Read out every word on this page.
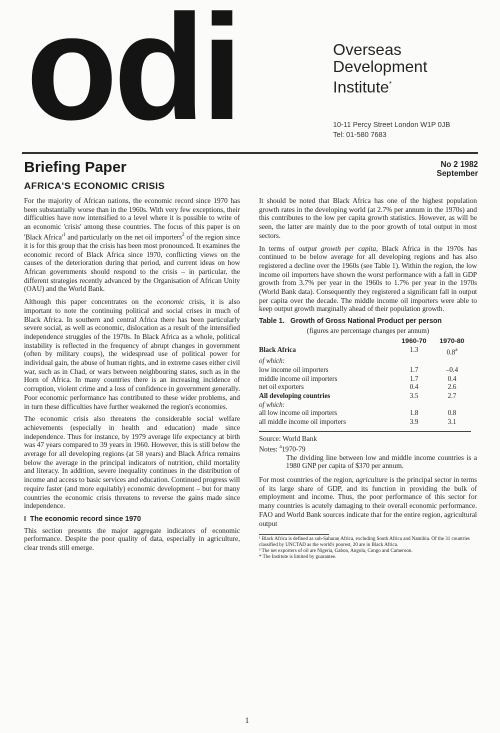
odi	Overseas
Development
Institute*
10-11 Percy Street London W1P 0JB
Tel: 01-580 7683
Briefing Paper	No 2 1982
September
AFRICA'S ECONOMIC CRISIS

For the majority of African nations, the economic record since 1970 has been substantially worse than in the 1960s. With very few exceptions, their difficulties have now intensified to a level where it is possible to write of an economic 'crisis' among these countries. The focus of this paper is on 'Black $Africa'^1$ and particularly on the net oil importers$^2$ of the region since it is for this group that the crisis has been most pronounced. It examines the economic record of Black Africa since 1970, conflicting views on the causes of the deterioration during that period, and current ideas on how African governments should respond to the crisis – in particular, the different strategies recently advanced by the Organisation of African Unity (OAU) and the World Bank.

Although this paper concentrates on the economic crisis, it is also important to note the continuing political and social crises in much of Black Africa. In southern and central Africa there has been particularly severe social, as well as economic, dislocation as a result of the intensified independence struggles of the 1970s. In Black Africa as a whole, political instability is reflected in the frequency of abrupt changes in government (often by military coups), the widespread use of political power for individual gain, the abuse of human rights, and in extreme cases either civil war, such as in Chad, or wars between neighbouring states, such as in the Horn of Africa. In many countries there is an increasing incidence of corruption, violent crime and a loss of confidence in government generally. Poor economic performance has contributed to these wider problems, and in turn these difficulties have further weakened the region's economies.

The economic crisis also threatens the considerable social welfare achievements (especially in health and education) made since independence. Thus for instance, by 1979 average life expectancy at birth was 47 years compared to 39 years in 1960. However, this is still below the average for all developing regions (at 58 years) and Black Africa remains below the average in the principal indicators of nutrition, child mortality and literacy. In addition, severe inequality continues in the distribution of income and access to basic services and education. Continued progress will require faster (and more equitably) economic development – but for many countries the economic crisis threatens to reverse the gains made since independence.

I The economic record since 1970

This section presents the major aggregate indicators of economic performance. Despite the poor quality of data, especially in agriculture, clear trends still emerge.

It should be noted that Black Africa has one of the highest population growth rates in the developing world (at 2.7% per annum in the 1970s) and this contributes to the low per capita growth statistics. However, as will be seen, the latter are mainly due to the poor growth of total output in most sectors.

In terms of output growth per capita, Black Africa in the 1970s has continued to be below average for all developing regions and has also registered a decline over the 1960s (see Table 1). Within the region, the low income oil importers have shown the worst performance with a fall in GDP growth from 3.7% per year in the 1960s to 1.7% per year in the 1970s (World Bank data). Consequently they registered a significant fall in output per capita over the decade. The middle income oil importers were able to keep output growth marginally ahead of their population growth.

Table 1. Growth of Gross National Product per person
(figures are percentage changes per annum)
	1960-70	1970-80
Black Africa	1.3	0.8$^a$
of which:		
low income oil importers	1.7	–0.4
middle income oil importers	1.7	0.4
net oil exporters	0.4	2.6
All developing countries	3.5	2.7
of which:		
all low income oil importers	1.8	0.8
all middle income oil importers	3.9	3.1
Source: World Bank
Notes: $^a$1970-79
The dividing line between low and middle income countries is a 1980 GNP per capita of $370 per annum.

For most countries of the region, agriculture is the principal sector in terms of its large share of GDP, and its function in providing the bulk of employment and income. Thus, the poor performance of this sector for many countries is acutely damaging to their overall economic performance. FAO and World Bank sources indicate that for the entire region, agricultural output

¹ Black Africa is defined as sub-Saharan Africa, excluding South Africa and Namibia. Of the 31 countries classified by UNCTAD as the world's poorest, 20 are in Black Africa.
² The net exporters of oil are Nigeria, Gabon, Angola, Congo and Cameroon.
* The Institute is limited by guarantee.
1
